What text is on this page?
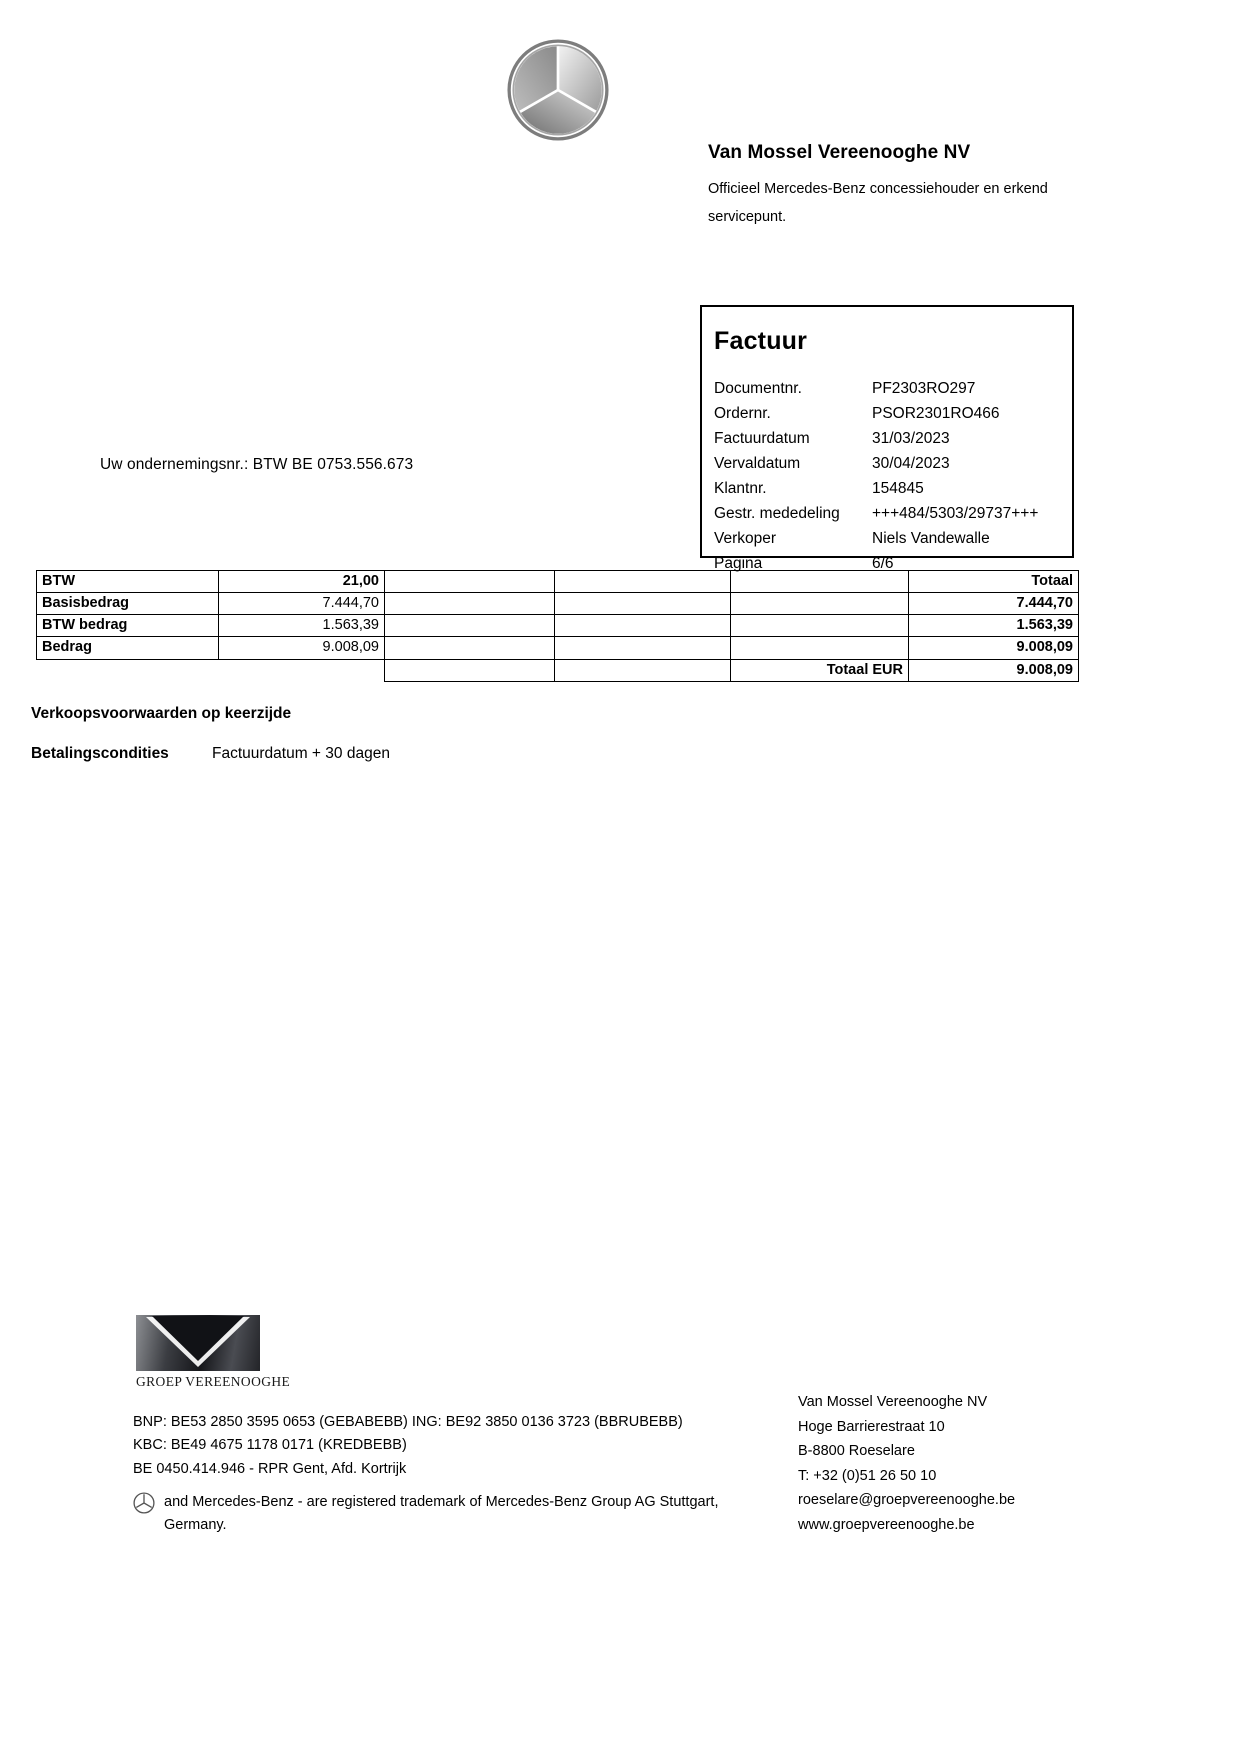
Van Mossel Vereenooghe NV
Officieel Mercedes-Benz concessiehouder en erkend servicepunt.
Uw ondernemingsnr.: BTW BE 0753.556.673
Factuur
Documentnr.	PF2303RO297
Ordernr.	PSOR2301RO466
Factuurdatum	31/03/2023
Vervaldatum	30/04/2023
Klantnr.	154845
Gestr. mededeling	+++484/5303/29737+++
Verkoper	Niels Vandewalle
Pagina	6/6
BTW	21,00				Totaal
Basisbedrag	7.444,70				7.444,70
BTW bedrag	1.563,39				1.563,39
Bedrag	9.008,09				9.008,09
				Totaal EUR	9.008,09
Verkoopsvoorwaarden op keerzijde
Betalingscondities	Factuurdatum + 30 dagen
GROEP VEREENOOGHE
BNP: BE53 2850 3595 0653 (GEBABEBB) ING: BE92 3850 0136 3723 (BBRUBEBB)
KBC: BE49 4675 1178 0171 (KREDBEBB)
BE 0450.414.946 - RPR Gent, Afd. Kortrijk
and Mercedes-Benz - are registered trademark of Mercedes-Benz Group AG Stuttgart, Germany.
Van Mossel Vereenooghe NV
Hoge Barrierestraat 10
B-8800 Roeselare
T: +32 (0)51 26 50 10
roeselare@groepvereenooghe.be
www.groepvereenooghe.be
